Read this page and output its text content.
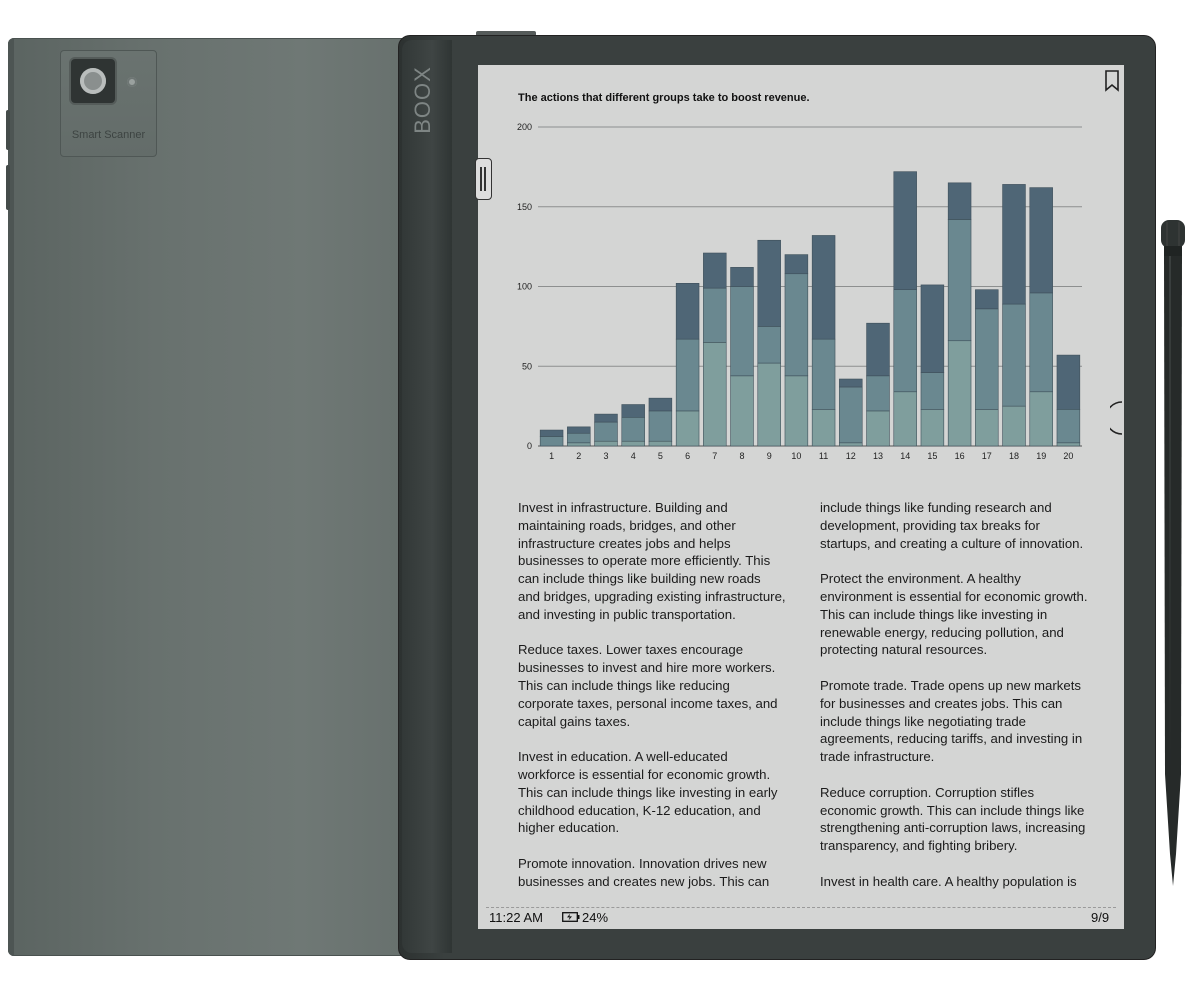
Smart Scanner
BOOX	The actions that different groups take to boost revenue.
0
50
100
150
200
1 2 3 4 5 6 7 8 9 10 11 12 13 14 15 16 17 18 19 20

Invest in infrastructure. Building and maintaining roads, bridges, and other infrastructure creates jobs and helps businesses to operate more efficiently. This can include things like building new roads and bridges, upgrading existing infrastructure, and investing in public transportation.

Reduce taxes. Lower taxes encourage businesses to invest and hire more workers. This can include things like reducing corporate taxes, personal income taxes, and capital gains taxes.

Invest in education. A well-educated workforce is essential for economic growth. This can include things like investing in early childhood education, K-12 education, and higher education.

Promote innovation. Innovation drives new businesses and creates new jobs. This can

include things like funding research and development, providing tax breaks for startups, and creating a culture of innovation.

Protect the environment. A healthy environment is essential for economic growth. This can include things like investing in renewable energy, reducing pollution, and protecting natural resources.

Promote trade. Trade opens up new markets for businesses and creates jobs. This can include things like negotiating trade agreements, reducing tariffs, and investing in trade infrastructure.

Reduce corruption. Corruption stifles economic growth. This can include things like strengthening anti-corruption laws, increasing transparency, and fighting bribery.

Invest in health care. A healthy population is

11:22 AM	24%	9/9
